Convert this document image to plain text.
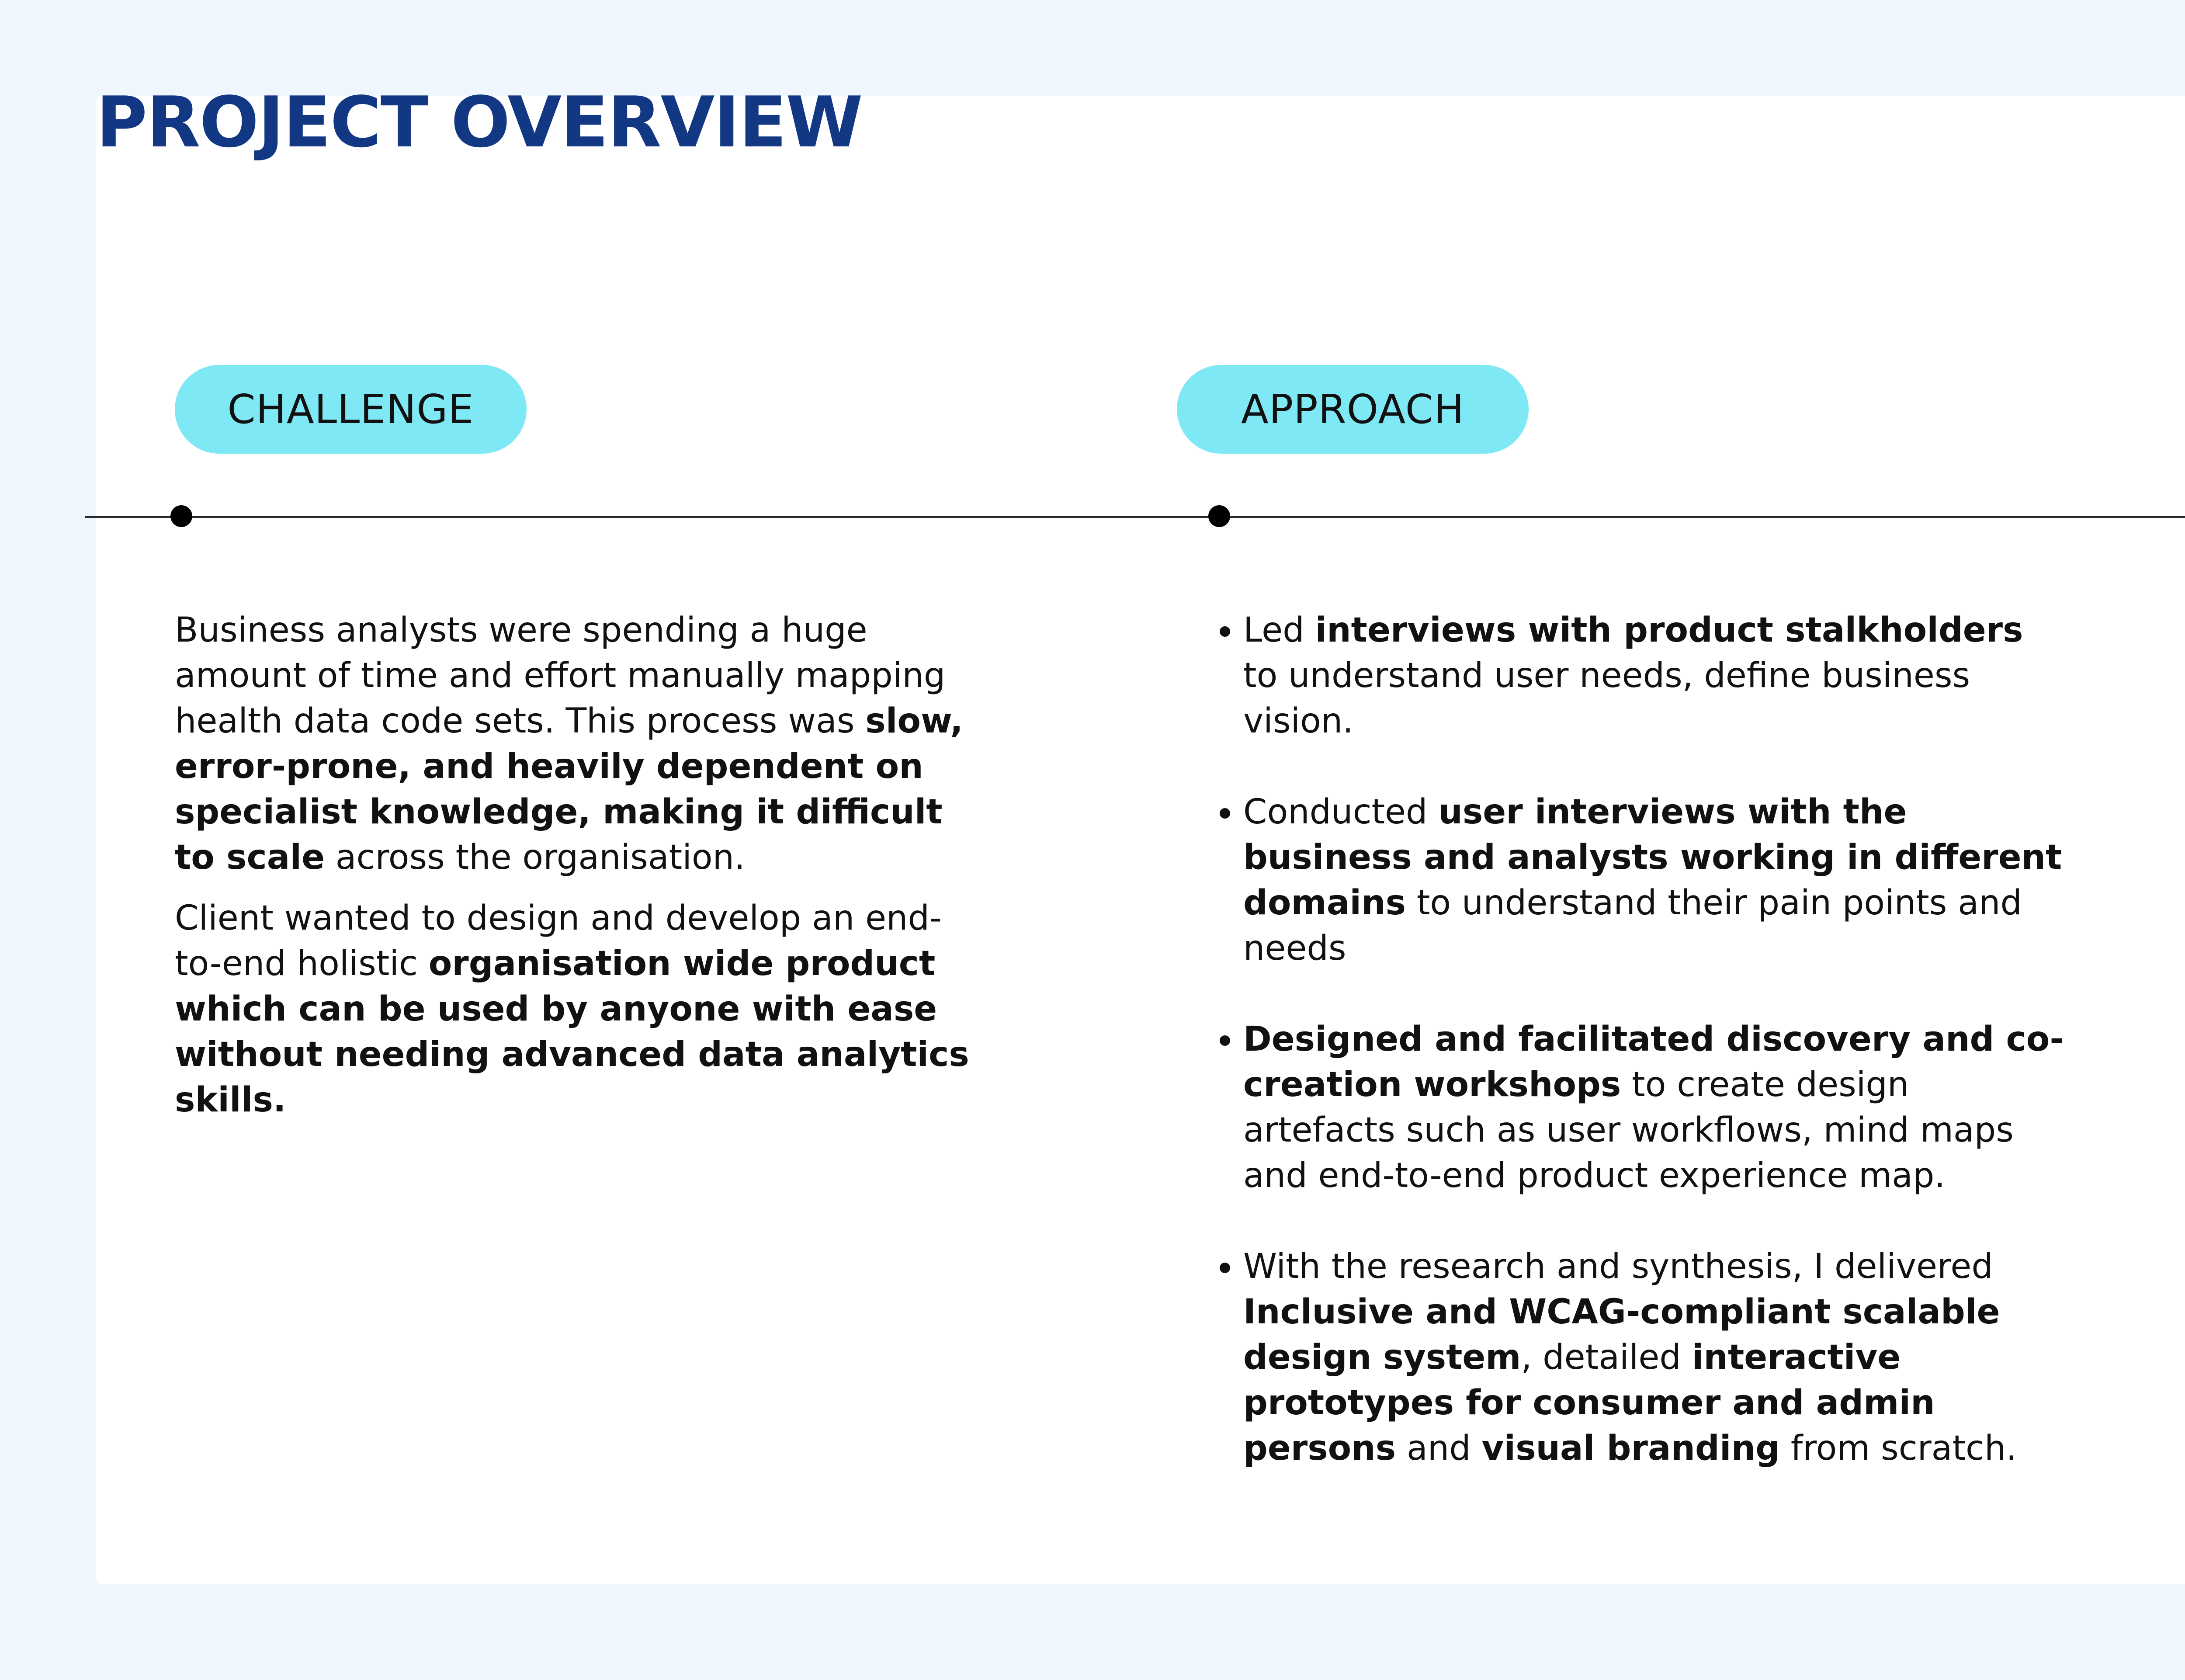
PROJECT OVERVIEW
CHALLENGE	APPROACH

Business analysts were spending a huge amount of time and effort manually mapping health data code sets. This process was slow, error-prone, and heavily dependent on specialist knowledge, making it difficult to scale across the organisation.

Client wanted to design and develop an end-to-end holistic organisation wide product which can be used by anyone with ease without needing advanced data analytics skills.

• Led interviews with product stalkholders to understand user needs, define business vision.
• Conducted user interviews with the business and analysts working in different domains to understand their pain points and needs
• Designed and facilitated discovery and co-creation workshops to create design artefacts such as user workflows, mind maps and end-to-end product experience map.
• With the research and synthesis, I delivered Inclusive and WCAG-compliant scalable design system, detailed interactive prototypes for consumer and admin persons and visual branding from scratch.
